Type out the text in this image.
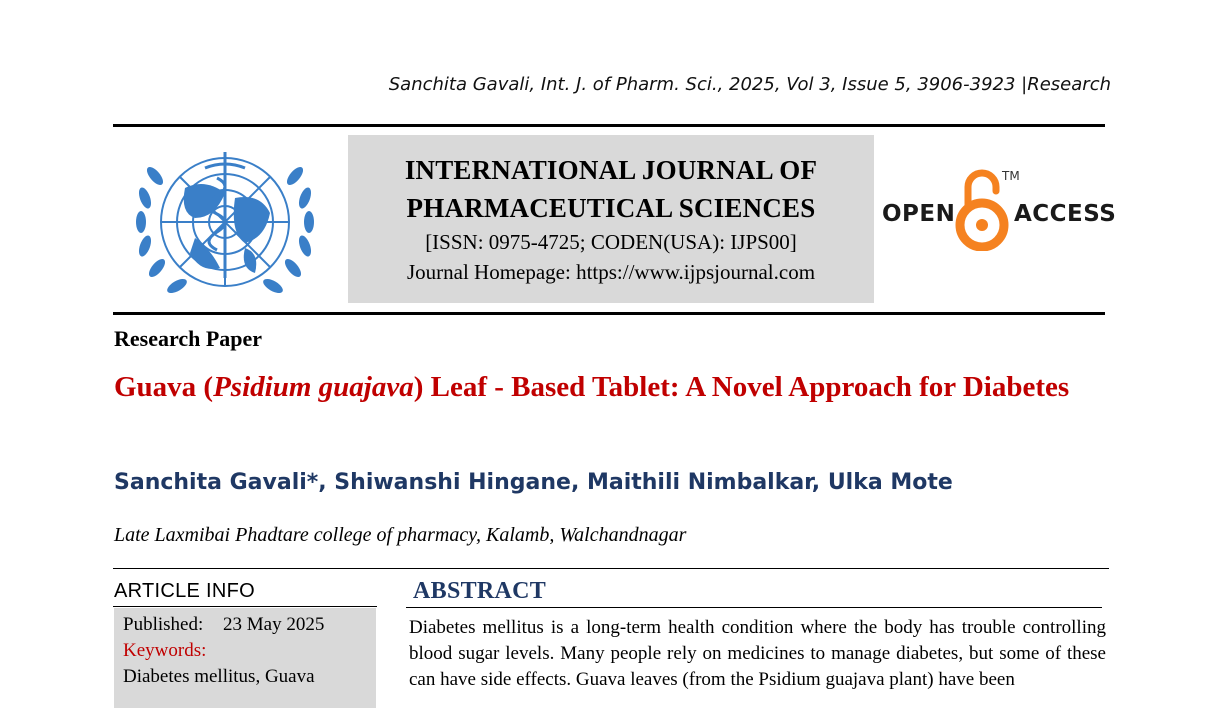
Sanchita Gavali, Int. J. of Pharm. Sci., 2025, Vol 3, Issue 5, 3906-3923 |Research
INTERNATIONAL JOURNAL OF
PHARMACEUTICAL SCIENCES
[ISSN: 0975-4725; CODEN(USA): IJPS00]
Journal Homepage: https://www.ijpsjournal.com
OPEN
TM
ACCESS
Research Paper
Guava (Psidium guajava) Leaf - Based Tablet: A Novel Approach for Diabetes
Sanchita Gavali*, Shiwanshi Hingane, Maithili Nimbalkar, Ulka Mote
Late Laxmibai Phadtare college of pharmacy, Kalamb, Walchandnagar
ARTICLE INFO
Published: 23 May 2025
Keywords:
Diabetes mellitus, Guava
ABSTRACT
Diabetes mellitus is a long-term health condition where the body has trouble controlling blood sugar levels. Many people rely on medicines to manage diabetes, but some of these can have side effects. Guava leaves (from the Psidium guajava plant) have been
